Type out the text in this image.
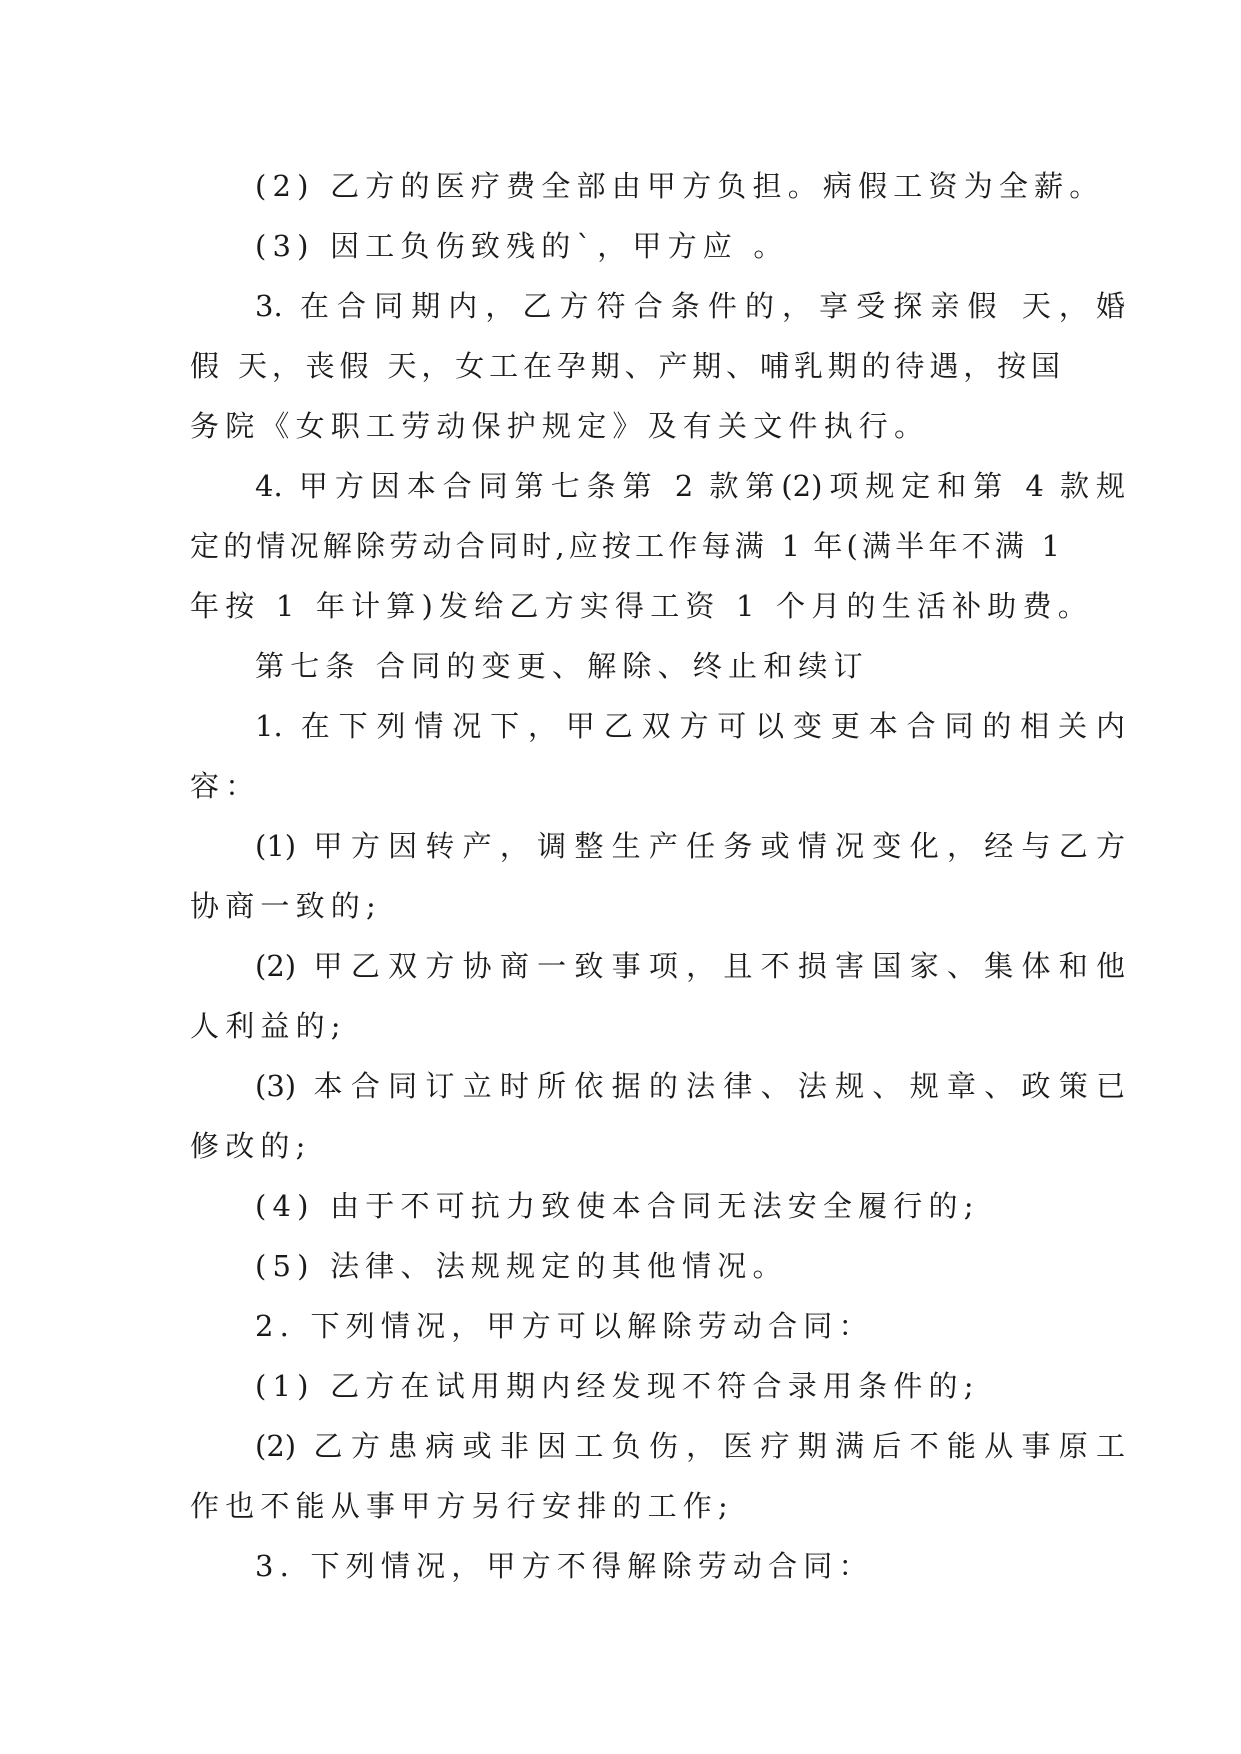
(2) 乙方的医疗费全部由甲方负担。病假工资为全薪。
(3) 因工负伤致残的`，甲方应 。
3. 在合同期内，乙方符合条件的，享受探亲假 天，婚
假 天，丧假 天，女工在孕期、产期、哺乳期的待遇，按国
务院《女职工劳动保护规定》及有关文件执行。
4. 甲方因本合同第七条第 2 款第(2)项规定和第 4 款规
定的情况解除劳动合同时,应按工作每满 1 年(满半年不满 1
年按 1 年计算)发给乙方实得工资 1 个月的生活补助费。
第七条 合同的变更、解除、终止和续订
1. 在下列情况下，甲乙双方可以变更本合同的相关内
容：
(1) 甲方因转产，调整生产任务或情况变化，经与乙方
协商一致的;
(2) 甲乙双方协商一致事项，且不损害国家、集体和他
人利益的;
(3) 本合同订立时所依据的法律、法规、规章、政策已
修改的;
(4) 由于不可抗力致使本合同无法安全履行的;
(5) 法律、法规规定的其他情况。
2. 下列情况，甲方可以解除劳动合同：
(1) 乙方在试用期内经发现不符合录用条件的;
(2) 乙方患病或非因工负伤，医疗期满后不能从事原工
作也不能从事甲方另行安排的工作;
3. 下列情况，甲方不得解除劳动合同：
